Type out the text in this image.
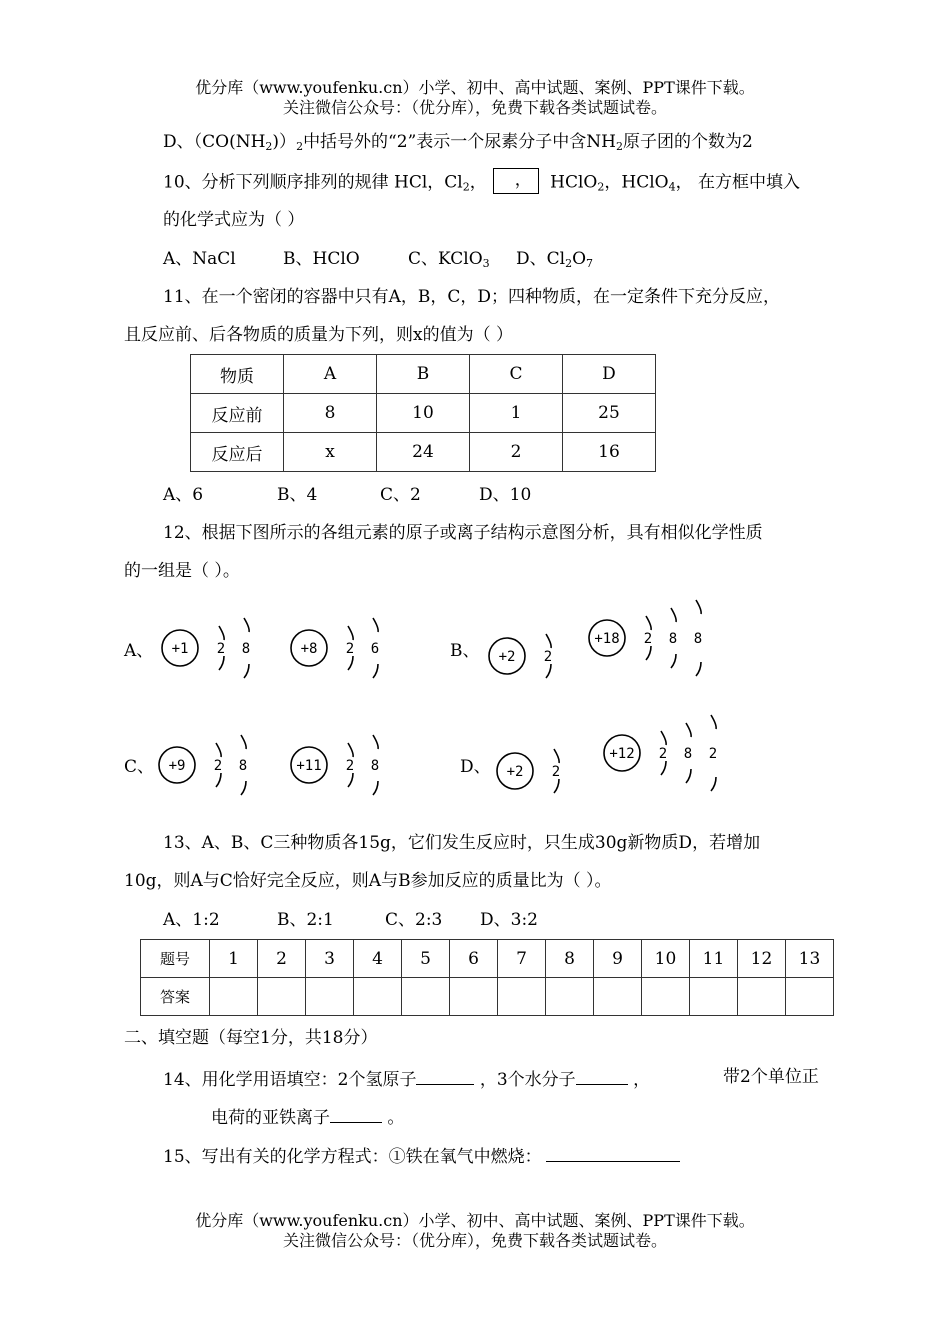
优分库（www.youfenku.cn）小学、初中、高中试题、案例、PPT课件下载。
关注微信公众号：（优分库），免费下载各类试题试卷。
D、$(CO(NH_2))_2$中括号外的“2”表示一个尿素分子中含$NH_2$原子团的个数为2
10、分析下列顺序排列的规律 HCl，$Cl_2$， ， HClO$_2$，HClO$_4$， 在方框中填入
的化学式应为（ ）
A、NaCl	B、HClO	C、KClO$_3$ D、$Cl_2O_7$
11、在一个密闭的容器中只有A，B，C，D；四种物质，在一定条件下充分反应，
且反应前、后各物质的质量为下列，则x的值为（ ）
物质	A	B	C	D
反应前	8	10	1	25
反应后	x	24	2	16
A、6	B、4	C、2	D、10
12、根据下图所示的各组元素的原子或离子结构示意图分析，具有相似化学性质
的一组是（ ）。
A、	B、
C、	D、
+1 2 8	+8 2 6	+2 2
+18 2 8 8
+9 2 8	+11 2 8	+2 2
+12 2 8 2
13、A、B、C三种物质各15g，它们发生反应时，只生成30g新物质D，若增加
10g，则A与C恰好完全反应，则A与B参加反应的质量比为（ ）。
A、1:2	B、2:1	C、2:3 D、3:2
题号	1	2	3	4	5	6	7	8	9	10	11	12	13
答案													
二、填空题（每空1分，共18分）
14、用化学用语填空：2个氢原子	，3个水分子	，	带2个单位正
电荷的亚铁离子	。
15、写出有关的化学方程式：①铁在氧气中燃烧：
优分库（www.youfenku.cn）小学、初中、高中试题、案例、PPT课件下载。
关注微信公众号：（优分库），免费下载各类试题试卷。
